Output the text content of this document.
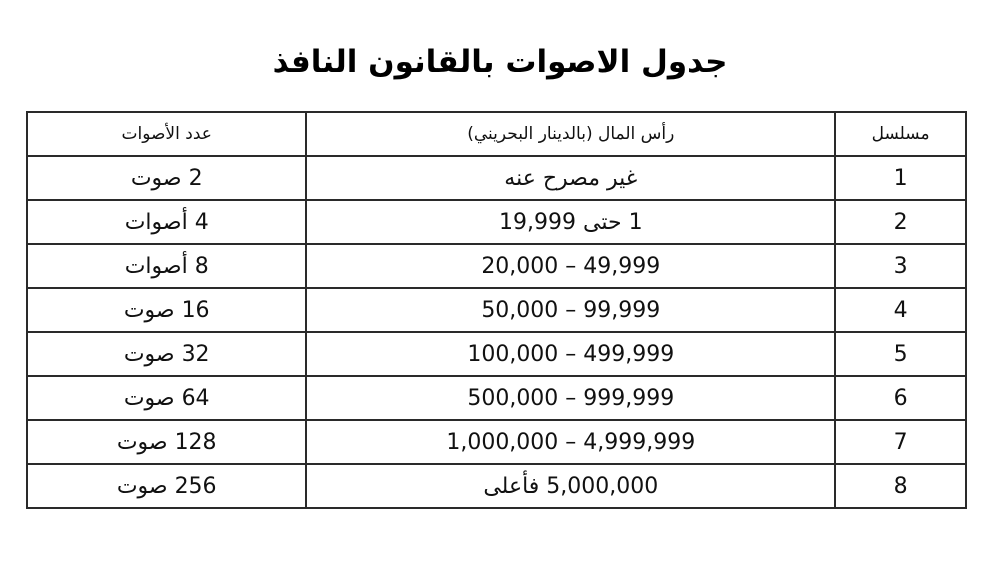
جدول الاصوات بالقانون النافذ
مسلسل	رأس المال (بالدينار البحريني)	عدد الأصوات
1	غير مصرح عنه	2 صوت
2	1 حتى 19,999	4 أصوات
3	20,000 – 49,999	8 أصوات
4	50,000 – 99,999	16 صوت
5	100,000 – 499,999	32 صوت
6	500,000 – 999,999	64 صوت
7	1,000,000 – 4,999,999	128 صوت
8	5,000,000 فأعلى	256 صوت
